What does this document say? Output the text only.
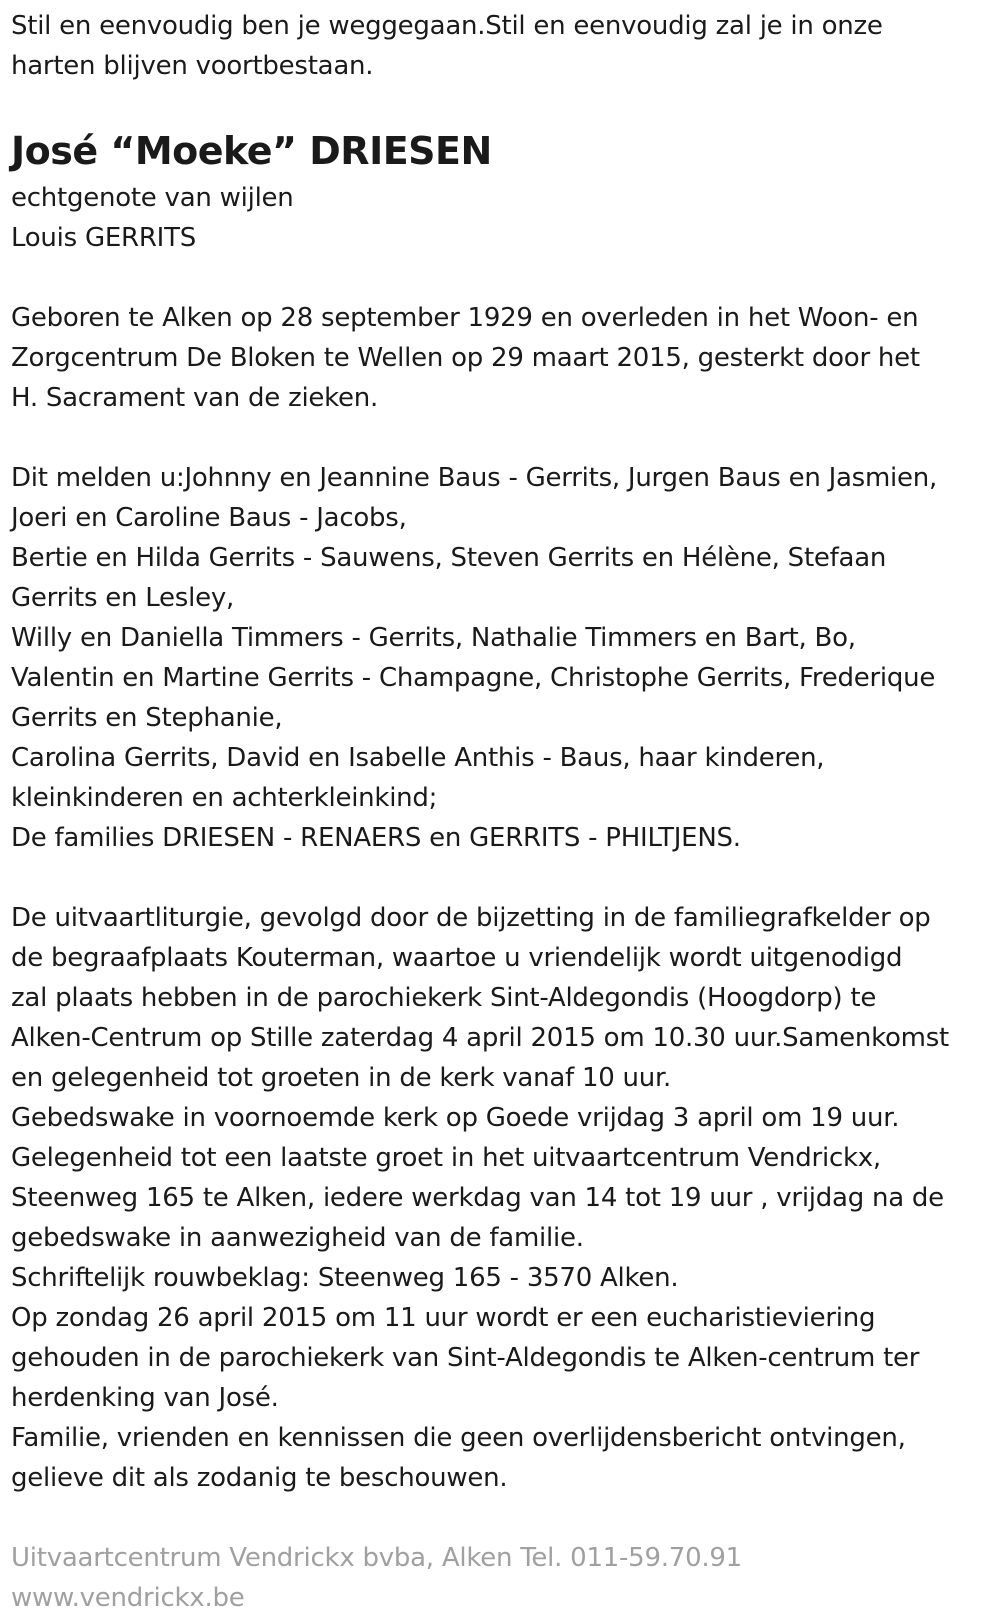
Stil en eenvoudig ben je weggegaan.Stil en eenvoudig zal je in onze
harten blijven voortbestaan.
José “Moeke” DRIESEN
echtgenote van wijlen
Louis GERRITS
Geboren te Alken op 28 september 1929 en overleden in het Woon- en
Zorgcentrum De Bloken te Wellen op 29 maart 2015, gesterkt door het
H. Sacrament van de zieken.
Dit melden u:Johnny en Jeannine Baus - Gerrits, Jurgen Baus en Jasmien,
Joeri en Caroline Baus - Jacobs,
Bertie en Hilda Gerrits - Sauwens, Steven Gerrits en Hélène, Stefaan
Gerrits en Lesley,
Willy en Daniella Timmers - Gerrits, Nathalie Timmers en Bart, Bo,
Valentin en Martine Gerrits - Champagne, Christophe Gerrits, Frederique
Gerrits en Stephanie,
Carolina Gerrits, David en Isabelle Anthis - Baus, haar kinderen,
kleinkinderen en achterkleinkind;
De families DRIESEN - RENAERS en GERRITS - PHILTJENS.
De uitvaartliturgie, gevolgd door de bijzetting in de familiegrafkelder op
de begraafplaats Kouterman, waartoe u vriendelijk wordt uitgenodigd
zal plaats hebben in de parochiekerk Sint-Aldegondis (Hoogdorp) te
Alken-Centrum op Stille zaterdag 4 april 2015 om 10.30 uur.Samenkomst
en gelegenheid tot groeten in de kerk vanaf 10 uur.
Gebedswake in voornoemde kerk op Goede vrijdag 3 april om 19 uur.
Gelegenheid tot een laatste groet in het uitvaartcentrum Vendrickx,
Steenweg 165 te Alken, iedere werkdag van 14 tot 19 uur , vrijdag na de
gebedswake in aanwezigheid van de familie.
Schriftelijk rouwbeklag: Steenweg 165 - 3570 Alken.
Op zondag 26 april 2015 om 11 uur wordt er een eucharistieviering
gehouden in de parochiekerk van Sint-Aldegondis te Alken-centrum ter
herdenking van José.
Familie, vrienden en kennissen die geen overlijdensbericht ontvingen,
gelieve dit als zodanig te beschouwen.
Uitvaartcentrum Vendrickx bvba, Alken Tel. 011-59.70.91
www.vendrickx.be
